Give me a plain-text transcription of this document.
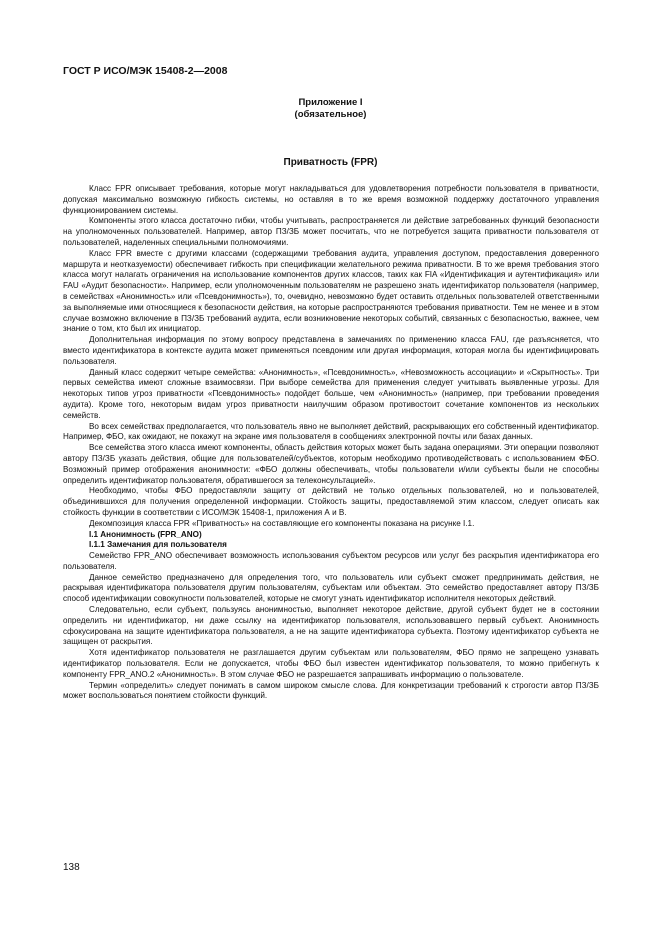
ГОСТ Р ИСО/МЭК 15408-2—2008
Приложение I
(обязательное)
Приватность (FPR)

Класс FPR описывает требования, которые могут накладываться для удовлетворения потребности пользователя в приватности, допуская максимально возможную гибкость системы, но оставляя в то же время возможной поддержку достаточного управления функционированием системы.

Компоненты этого класса достаточно гибки, чтобы учитывать, распространяется ли действие затребованных функций безопасности на уполномоченных пользователей. Например, автор ПЗ/ЗБ может посчитать, что не потребуется защита приватности пользователя от пользователей, наделенных специальными полномочиями.

Класс FPR вместе с другими классами (содержащими требования аудита, управления доступом, предоставления доверенного маршрута и неотказуемости) обеспечивает гибкость при спецификации желательного режима приватности. В то же время требования этого класса могут налагать ограничения на использование компонентов других классов, таких как FIA «Идентификация и аутентификация» или FAU «Аудит безопасности». Например, если уполномоченным пользователям не разрешено знать идентификатор пользователя (например, в семействах «Анонимность» или «Псевдонимность»), то, очевидно, невозможно будет оставить отдельных пользователей ответственными за выполняемые ими относящиеся к безопасности действия, на которые распространяются требования приватности. Тем не менее и в этом случае возможно включение в ПЗ/ЗБ требований аудита, если возникновение некоторых событий, связанных с безопасностью, важнее, чем знание о том, кто был их инициатор.

Дополнительная информация по этому вопросу представлена в замечаниях по применению класса FAU, где разъясняется, что вместо идентификатора в контексте аудита может применяться псевдоним или другая информация, которая могла бы идентифицировать пользователя.

Данный класс содержит четыре семейства: «Анонимность», «Псевдонимность», «Невозможность ассоциации» и «Скрытность». Три первых семейства имеют сложные взаимосвязи. При выборе семейства для применения следует учитывать выявленные угрозы. Для некоторых типов угроз приватности «Псевдонимность» подойдет больше, чем «Анонимность» (например, при требовании проведения аудита). Кроме того, некоторым видам угроз приватности наилучшим образом противостоит сочетание компонентов из нескольких семейств.

Во всех семействах предполагается, что пользователь явно не выполняет действий, раскрывающих его собственный идентификатор. Например, ФБО, как ожидают, не покажут на экране имя пользователя в сообщениях электронной почты или базах данных.

Все семейства этого класса имеют компоненты, область действия которых может быть задана операциями. Эти операции позволяют автору ПЗ/ЗБ указать действия, общие для пользователей/субъектов, которым необходимо противодействовать с использованием ФБО. Возможный пример отображения анонимности: «ФБО должны обеспечивать, чтобы пользователи и/или субъекты были не способны определить идентификатор пользователя, обратившегося за телеконсультацией».

Необходимо, чтобы ФБО предоставляли защиту от действий не только отдельных пользователей, но и пользователей, объединившихся для получения определенной информации. Стойкость защиты, предоставляемой этим классом, следует описать как стойкость функции в соответствии с ИСО/МЭК 15408-1, приложения А и В.

Декомпозиция класса FPR «Приватность» на составляющие его компоненты показана на рисунке I.1.

I.1 Анонимность (FPR_ANO)

I.1.1 Замечания для пользователя

Семейство FPR_ANO обеспечивает возможность использования субъектом ресурсов или услуг без раскрытия идентификатора его пользователя.

Данное семейство предназначено для определения того, что пользователь или субъект сможет предпринимать действия, не раскрывая идентификатора пользователя другим пользователям, субъектам или объектам. Это семейство предоставляет автору ПЗ/ЗБ способ идентификации совокупности пользователей, которые не смогут узнать идентификатор исполнителя некоторых действий.

Следовательно, если субъект, пользуясь анонимностью, выполняет некоторое действие, другой субъект будет не в состоянии определить ни идентификатор, ни даже ссылку на идентификатор пользователя, использовавшего первый субъект. Анонимность сфокусирована на защите идентификатора пользователя, а не на защите идентификатора субъекта. Поэтому идентификатор субъекта не защищен от раскрытия.

Хотя идентификатор пользователя не разглашается другим субъектам или пользователям, ФБО прямо не запрещено узнавать идентификатор пользователя. Если не допускается, чтобы ФБО был известен идентификатор пользователя, то можно прибегнуть к компоненту FPR_ANO.2 «Анонимность». В этом случае ФБО не разрешается запрашивать информацию о пользователе.

Термин «определить» следует понимать в самом широком смысле слова. Для конкретизации требований к строгости автор ПЗ/ЗБ может воспользоваться понятием стойкости функций.

138
